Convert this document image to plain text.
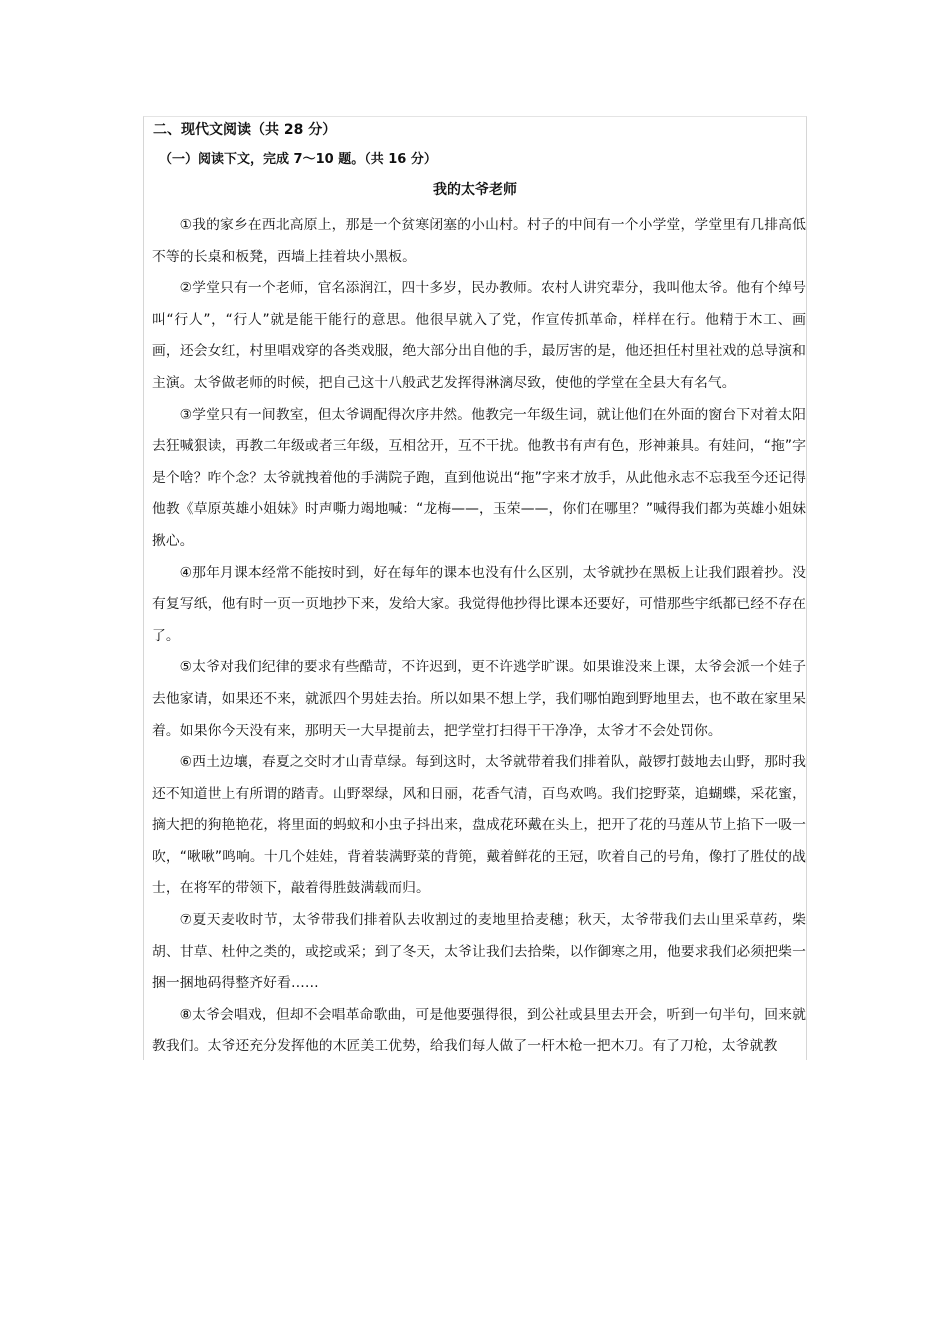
二、现代文阅读（共 28 分）
（一）阅读下文，完成 7～10 题。（共 16 分）
我的太爷老师

①我的家乡在西北高原上，那是一个贫寒闭塞的小山村。村子的中间有一个小学堂，学堂里有几排高低不等的长桌和板凳，西墙上挂着块小黑板。

②学堂只有一个老师，官名添润江，四十多岁，民办教师。农村人讲究辈分，我叫他太爷。他有个绰号叫“行人”，“行人”就是能干能行的意思。他很早就入了党，作宣传抓革命，样样在行。他精于木工、画画，还会女红，村里唱戏穿的各类戏服，绝大部分出自他的手，最厉害的是，他还担任村里社戏的总导演和主演。太爷做老师的时候，把自己这十八般武艺发挥得淋漓尽致，使他的学堂在全县大有名气。

③学堂只有一间教室，但太爷调配得次序井然。他教完一年级生词，就让他们在外面的窗台下对着太阳去狂喊狠读，再教二年级或者三年级，互相岔开，互不干扰。他教书有声有色，形神兼具。有娃问，“拖”字是个啥？咋个念？太爷就拽着他的手满院子跑，直到他说出“拖”字来才放手，从此他永志不忘我至今还记得他教《草原英雄小姐妹》时声嘶力竭地喊：“龙梅——，玉荣——，你们在哪里？”喊得我们都为英雄小姐妹揪心。

④那年月课本经常不能按时到，好在每年的课本也没有什么区别，太爷就抄在黑板上让我们跟着抄。没有复写纸，他有时一页一页地抄下来，发给大家。我觉得他抄得比课本还要好，可惜那些宇纸都已经不存在了。

⑤太爷对我们纪律的要求有些酷苛，不许迟到，更不许逃学旷课。如果谁没来上课，太爷会派一个娃子去他家请，如果还不来，就派四个男娃去抬。所以如果不想上学，我们哪怕跑到野地里去，也不敢在家里呆着。如果你今天没有来，那明天一大早提前去，把学堂打扫得干干净净，太爷才不会处罚你。

⑥西土边壤，春夏之交时才山青草绿。每到这时，太爷就带着我们排着队，敲锣打鼓地去山野，那时我还不知道世上有所谓的踏青。山野翠绿，风和日丽，花香气清，百鸟欢鸣。我们挖野菜，追蝴蝶，采花蜜，摘大把的狗艳艳花，将里面的蚂蚁和小虫子抖出来，盘成花环戴在头上，把开了花的马莲从节上掐下一吸一吹，“啾啾”鸣响。十几个娃娃，背着装满野菜的背篼，戴着鲜花的王冠，吹着自己的号角，像打了胜仗的战士，在将军的带领下，敲着得胜鼓满载而归。

⑦夏天麦收时节，太爷带我们排着队去收割过的麦地里拾麦穗；秋天，太爷带我们去山里采草药，柴胡、甘草、杜仲之类的，或挖或采；到了冬天，太爷让我们去拾柴，以作御寒之用，他要求我们必须把柴一捆一捆地码得整齐好看……

⑧太爷会唱戏，但却不会唱革命歌曲，可是他要强得很，到公社或县里去开会，听到一句半句，回来就教我们。太爷还充分发挥他的木匠美工优势，给我们每人做了一杆木枪一把木刀。有了刀枪，太爷就教
